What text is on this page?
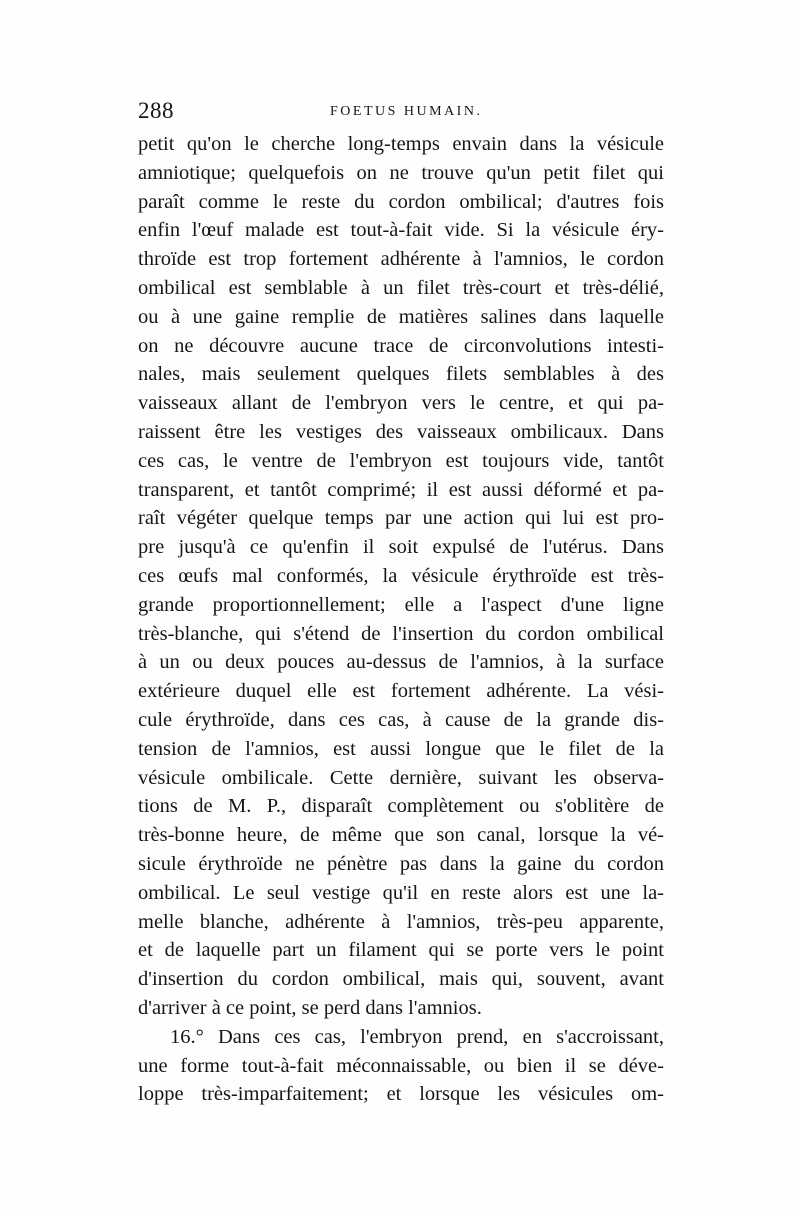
288	FOETUS HUMAIN.
petit qu'on le cherche long-temps envain dans la vésicule
amniotique; quelquefois on ne trouve qu'un petit filet qui
paraît comme le reste du cordon ombilical; d'autres fois
enfin l'œuf malade est tout-à-fait vide. Si la vésicule éry-
throïde est trop fortement adhérente à l'amnios, le cordon
ombilical est semblable à un filet très-court et très-délié,
ou à une gaine remplie de matières salines dans laquelle
on ne découvre aucune trace de circonvolutions intesti-
nales, mais seulement quelques filets semblables à des
vaisseaux allant de l'embryon vers le centre, et qui pa-
raissent être les vestiges des vaisseaux ombilicaux. Dans
ces cas, le ventre de l'embryon est toujours vide, tantôt
transparent, et tantôt comprimé; il est aussi déformé et pa-
raît végéter quelque temps par une action qui lui est pro-
pre jusqu'à ce qu'enfin il soit expulsé de l'utérus. Dans
ces œufs mal conformés, la vésicule érythroïde est très-
grande proportionnellement; elle a l'aspect d'une ligne
très-blanche, qui s'étend de l'insertion du cordon ombilical
à un ou deux pouces au-dessus de l'amnios, à la surface
extérieure duquel elle est fortement adhérente. La vési-
cule érythroïde, dans ces cas, à cause de la grande dis-
tension de l'amnios, est aussi longue que le filet de la
vésicule ombilicale. Cette dernière, suivant les observa-
tions de M. P., disparaît complètement ou s'oblitère de
très-bonne heure, de même que son canal, lorsque la vé-
sicule érythroïde ne pénètre pas dans la gaine du cordon
ombilical. Le seul vestige qu'il en reste alors est une la-
melle blanche, adhérente à l'amnios, très-peu apparente,
et de laquelle part un filament qui se porte vers le point
d'insertion du cordon ombilical, mais qui, souvent, avant
d'arriver à ce point, se perd dans l'amnios.
16.° Dans ces cas, l'embryon prend, en s'accroissant,
une forme tout-à-fait méconnaissable, ou bien il se déve-
loppe très-imparfaitement; et lorsque les vésicules om-
